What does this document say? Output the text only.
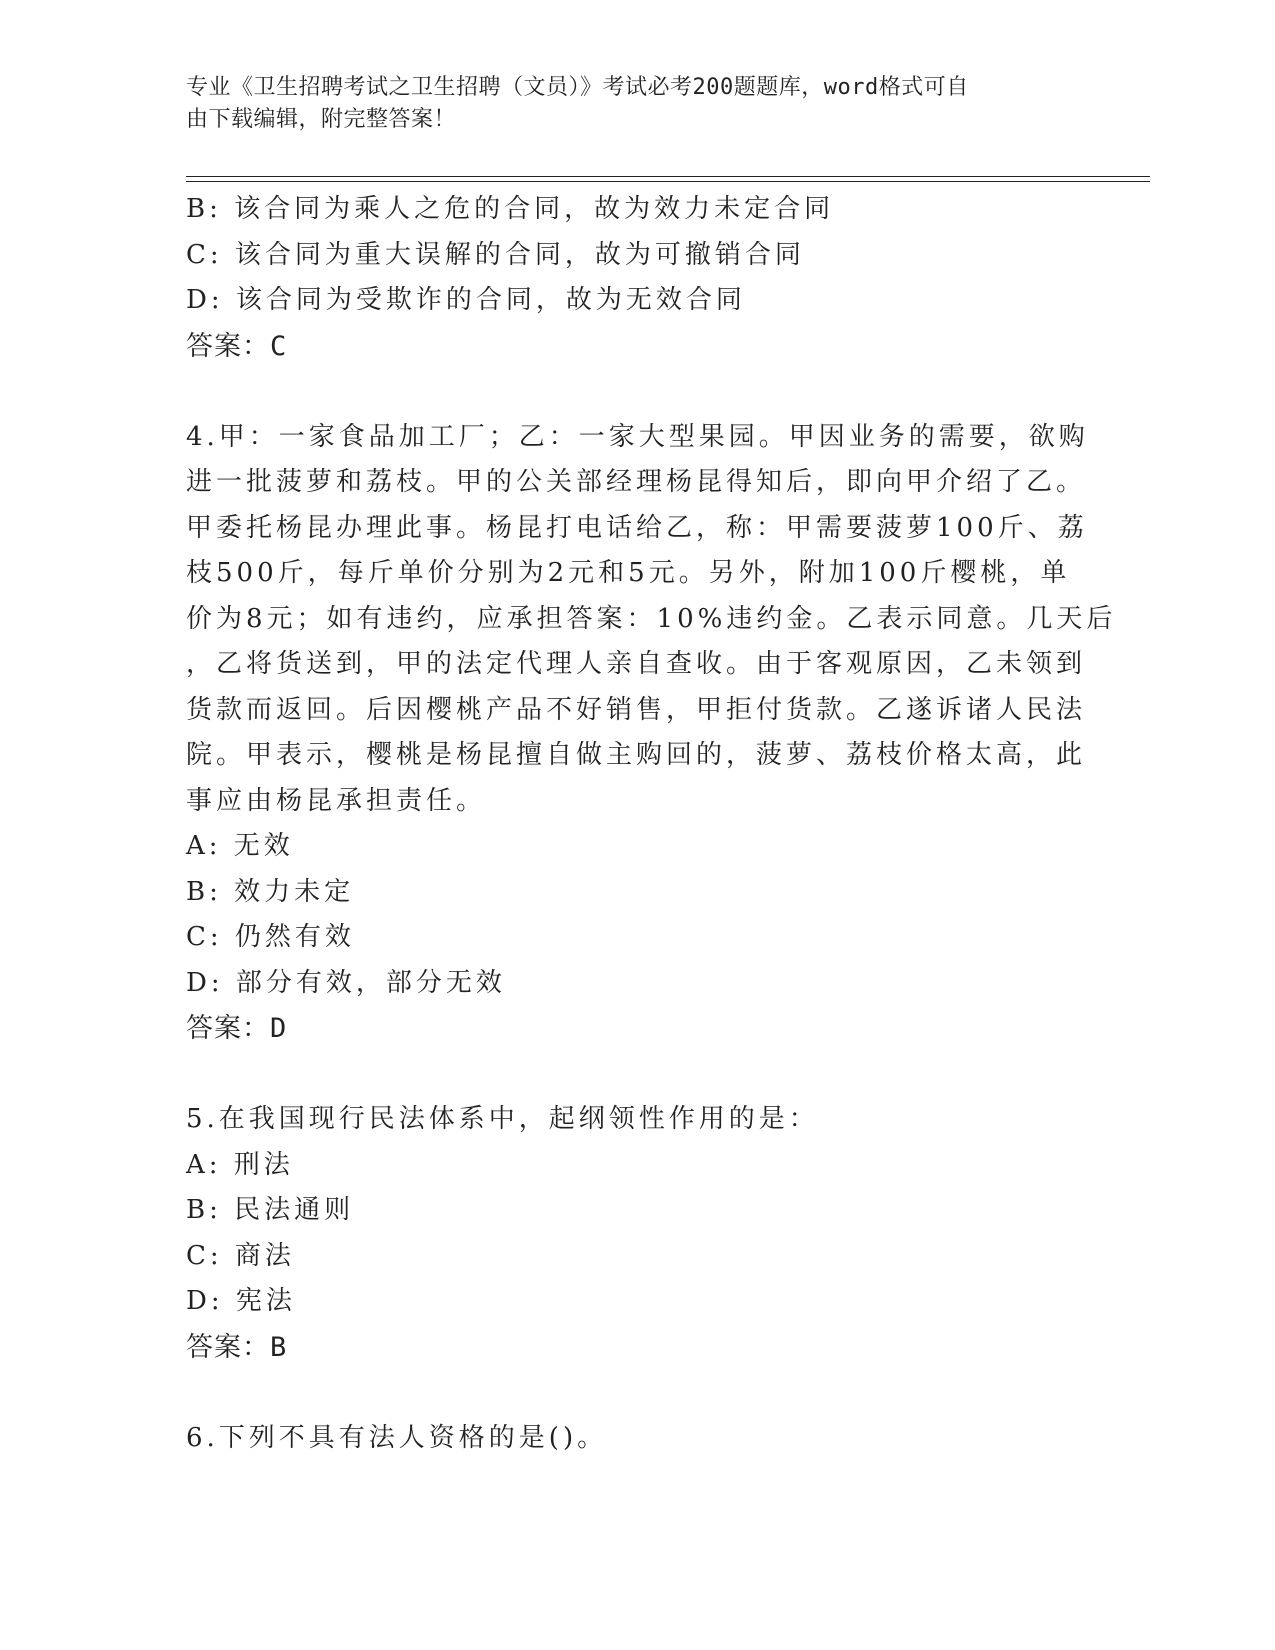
专业《卫生招聘考试之卫生招聘（文员）》考试必考200题题库，word格式可自
由下载编辑，附完整答案！
B: 该合同为乘人之危的合同，故为效力未定合同
C: 该合同为重大误解的合同，故为可撤销合同
D: 该合同为受欺诈的合同，故为无效合同
答案：C
4.甲：一家食品加工厂；乙：一家大型果园。甲因业务的需要，欲购
进一批菠萝和荔枝。甲的公关部经理杨昆得知后，即向甲介绍了乙。
甲委托杨昆办理此事。杨昆打电话给乙，称：甲需要菠萝100斤、荔
枝500斤，每斤单价分别为2元和5元。另外，附加100斤樱桃，单
价为8元；如有违约，应承担答案：10%违约金。乙表示同意。几天后
，乙将货送到，甲的法定代理人亲自查收。由于客观原因，乙未领到
货款而返回。后因樱桃产品不好销售，甲拒付货款。乙遂诉诸人民法
院。甲表示，樱桃是杨昆擅自做主购回的，菠萝、荔枝价格太高，此
事应由杨昆承担责任。
A: 无效
B: 效力未定
C: 仍然有效
D: 部分有效，部分无效
答案：D
5.在我国现行民法体系中，起纲领性作用的是：
A: 刑法
B: 民法通则
C: 商法
D: 宪法
答案：B
6.下列不具有法人资格的是()。
